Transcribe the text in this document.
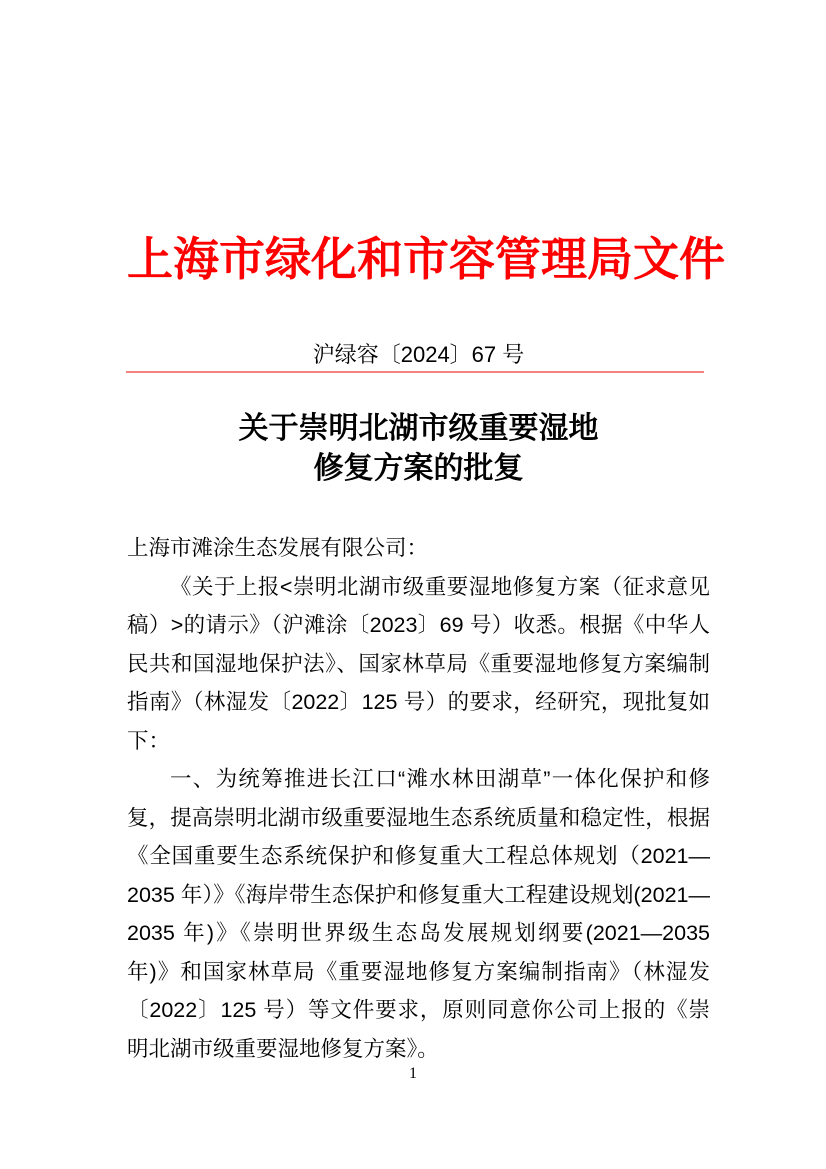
上海市绿化和市容管理局文件
沪绿容〔2024〕67 号
关于崇明北湖市级重要湿地
修复方案的批复

上海市滩涂生态发展有限公司：

《关于上报<崇明北湖市级重要湿地修复方案（征求意见稿）>的请示》（沪滩涂〔2023〕69 号）收悉。根据《中华人民共和国湿地保护法》、国家林草局《重要湿地修复方案编制指南》（林湿发〔2022〕125 号）的要求，经研究，现批复如下：

一、为统筹推进长江口“滩水林田湖草”一体化保护和修复，提高崇明北湖市级重要湿地生态系统质量和稳定性，根据《全国重要生态系统保护和修复重大工程总体规划（2021—2035 年）》《海岸带生态保护和修复重大工程建设规划(2021—2035 年)》《崇明世界级生态岛发展规划纲要(2021—2035 年)》和国家林草局《重要湿地修复方案编制指南》（林湿发〔2022〕125 号）等文件要求，原则同意你公司上报的《崇明北湖市级重要湿地修复方案》。

1
